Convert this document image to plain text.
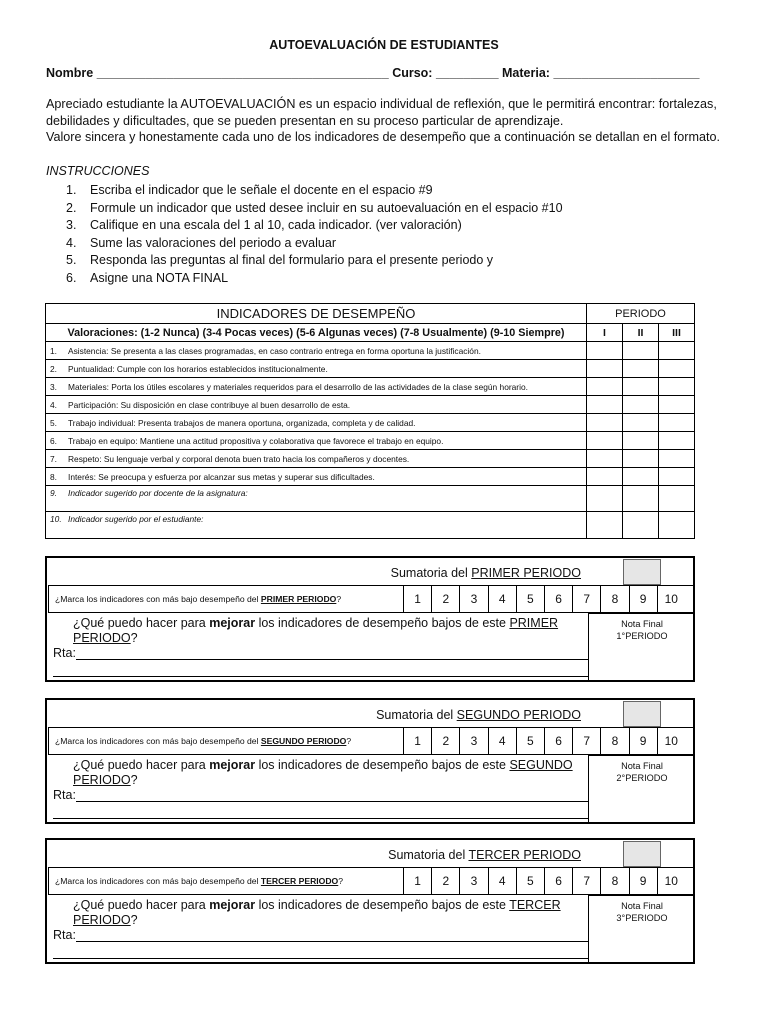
AUTOEVALUACIÓN DE ESTUDIANTES
Nombre __________________________________________ Curso: _________ Materia: _____________________
Apreciado estudiante la AUTOEVALUACIÓN es un espacio individual de reflexión, que le permitirá encontrar: fortalezas, debilidades y dificultades, que se pueden presentan en su proceso particular de aprendizaje.
Valore sincera y honestamente cada uno de los indicadores de desempeño que a continuación se detallan en el formato.
INSTRUCCIONES
1. Escriba el indicador que le señale el docente en el espacio #9
2. Formule un indicador que usted desee incluir en su autoevaluación en el espacio #10
3. Califique en una escala del 1 al 10, cada indicador. (ver valoración)
4. Sume las valoraciones del periodo a evaluar
5. Responda las preguntas al final del formulario para el presente periodo y
6. Asigne una NOTA FINAL
INDICADORES DE DESEMPEÑO	PERIODO		
Valoraciones: (1-2 Nunca) (3-4 Pocas veces) (5-6 Algunas veces) (7-8 Usualmente) (9-10 Siempre)	I	II	III
1. Asistencia: Se presenta a las clases programadas, en caso contrario entrega en forma oportuna la justificación.			
2. Puntualidad: Cumple con los horarios establecidos institucionalmente.			
3. Materiales: Porta los útiles escolares y materiales requeridos para el desarrollo de las actividades de la clase según horario.			
4. Participación: Su disposición en clase contribuye al buen desarrollo de esta.			
5. Trabajo individual: Presenta trabajos de manera oportuna, organizada, completa y de calidad.			
6. Trabajo en equipo: Mantiene una actitud propositiva y colaborativa que favorece el trabajo en equipo.			
7. Respeto: Su lenguaje verbal y corporal denota buen trato hacia los compañeros y docentes.			
8. Interés: Se preocupa y esfuerza por alcanzar sus metas y superar sus dificultades.			
9. Indicador sugerido por docente de la asignatura:			
10. Indicador sugerido por el estudiante:			
Sumatoria del PRIMER PERIODO
¿Marca los indicadores con más bajo desempeño del PRIMER PERIODO?	1	2	3	4	5	6	7	8	9	10
¿Qué puedo hacer para mejorar los indicadores de desempeño bajos de este PRIMER PERIODO?
Rta:
Nota Final
1°PERIODO
Sumatoria del SEGUNDO PERIODO
¿Marca los indicadores con más bajo desempeño del SEGUNDO PERIODO?	1	2	3	4	5	6	7	8	9	10
¿Qué puedo hacer para mejorar los indicadores de desempeño bajos de este SEGUNDO PERIODO?
Rta:
Nota Final
2°PERIODO
Sumatoria del TERCER PERIODO
¿Marca los indicadores con más bajo desempeño del TERCER PERIODO?	1	2	3	4	5	6	7	8	9	10
¿Qué puedo hacer para mejorar los indicadores de desempeño bajos de este TERCER PERIODO?
Rta:
Nota Final
3°PERIODO
